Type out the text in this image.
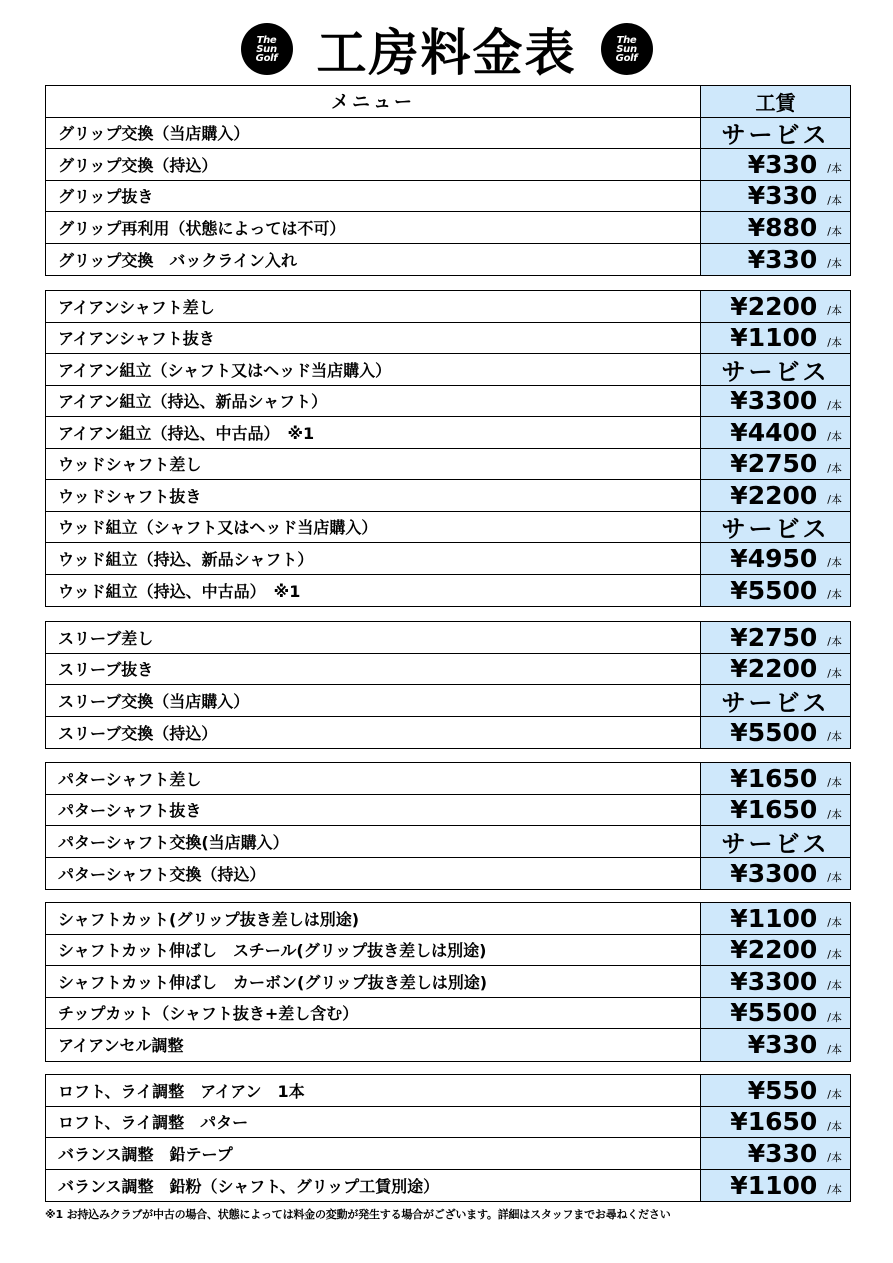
The
Sun
Golf 工房料金表	The
Sun
Golf
メニュー	工賃
グリップ交換（当店購入）	サービス
グリップ交換（持込）	¥330 /本
グリップ抜き	¥330 /本
グリップ再利用（状態によっては不可）	¥880 /本
グリップ交換　バックライン入れ	¥330 /本
アイアンシャフト差し	¥2200 /本
アイアンシャフト抜き	¥1100 /本
アイアン組立（シャフト又はヘッド当店購入）	サービス
アイアン組立（持込、新品シャフト）	¥3300 /本
アイアン組立（持込、中古品）　※1	¥4400 /本
ウッドシャフト差し	¥2750 /本
ウッドシャフト抜き	¥2200 /本
ウッド組立（シャフト又はヘッド当店購入）	サービス
ウッド組立（持込、新品シャフト）	¥4950 /本
ウッド組立（持込、中古品）　※1	¥5500 /本
スリーブ差し	¥2750 /本
スリーブ抜き	¥2200 /本
スリーブ交換（当店購入）	サービス
スリーブ交換（持込）	¥5500 /本
パターシャフト差し	¥1650 /本
パターシャフト抜き	¥1650 /本
パターシャフト交換(当店購入）	サービス
パターシャフト交換（持込）	¥3300 /本
シャフトカット(グリップ抜き差しは別途)	¥1100 /本
シャフトカット伸ばし　スチール(グリップ抜き差しは別途)	¥2200 /本
シャフトカット伸ばし　カーボン(グリップ抜き差しは別途)	¥3300 /本
チップカット（シャフト抜き+差し含む）	¥5500 /本
アイアンセル調整	¥330 /本
ロフト、ライ調整　アイアン　1本	¥550 /本
ロフト、ライ調整　パター	¥1650 /本
バランス調整　鉛テープ	¥330 /本
バランス調整　鉛粉（シャフト、グリップ工賃別途）	¥1100 /本
※1 お持込みクラブが中古の場合、状態によっては料金の変動が発生する場合がございます。詳細はスタッフまでお尋ねください
